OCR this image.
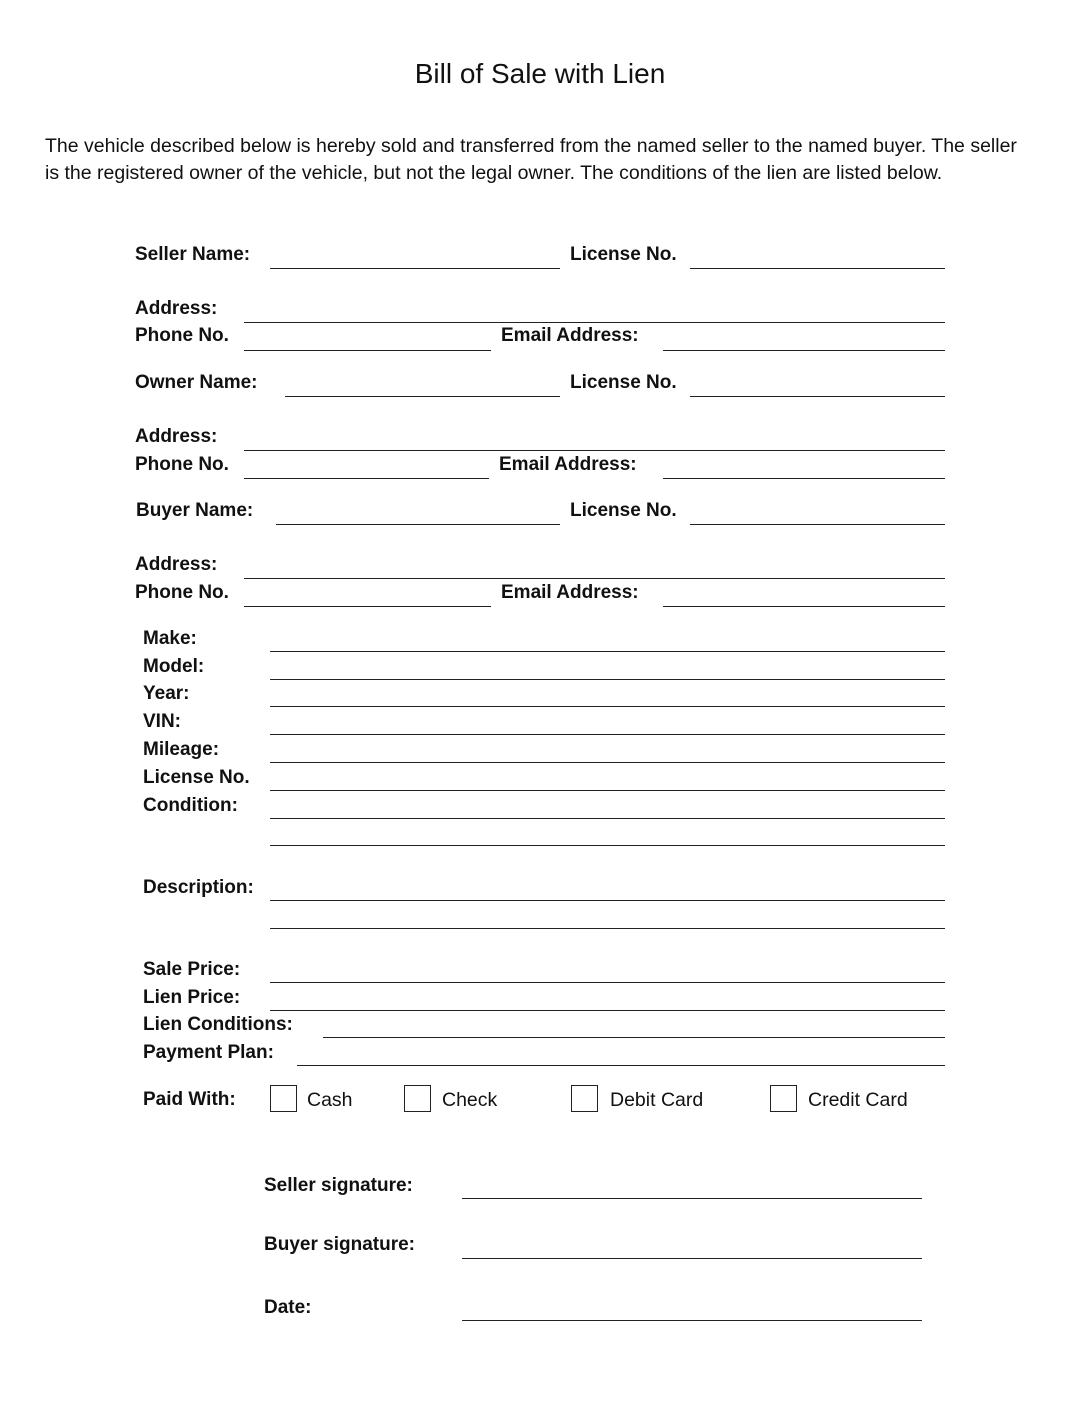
Bill of Sale with Lien
The vehicle described below is hereby sold and transferred from the named seller to the named buyer. The seller is the registered owner of the vehicle, but not the legal owner. The conditions of the lien are listed below.
Seller Name:	License No.
Address:
Phone No.	Email Address:
Owner Name:	License No.
Address:
Phone No.	Email Address:
Buyer Name:	License No.
Address:
Phone No.	Email Address:
Make:
Model:
Year:
VIN:
Mileage:
License No.
Condition:
Description:
Sale Price:
Lien Price:
Lien Conditions:
Payment Plan:
Paid With:	Cash	Check	Debit Card	Credit Card
Seller signature:
Buyer signature:
Date:
